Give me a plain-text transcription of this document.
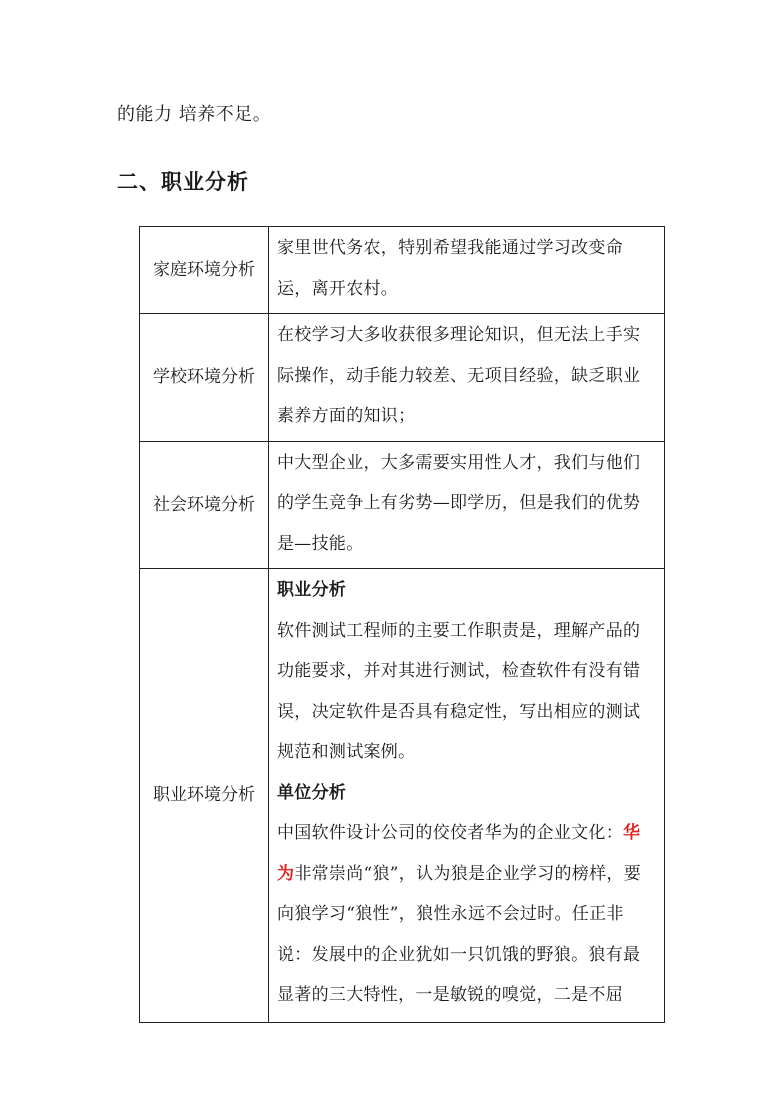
的能力 培养不足。
二、职业分析
家庭环境分析	家里世代务农，特别希望我能通过学习改变命运，离开农村。
学校环境分析	在校学习大多收获很多理论知识，但无法上手实际操作，动手能力较差、无项目经验，缺乏职业素养方面的知识；
社会环境分析	中大型企业，大多需要实用性人才，我们与他们的学生竞争上有劣势—即学历，但是我们的优势是—技能。
职业环境分析	职业分析

软件测试工程师的主要工作职责是，理解产品的功能要求，并对其进行测试，检查软件有没有错误，决定软件是否具有稳定性，写出相应的测试规范和测试案例。

单位分析

中国软件设计公司的佼佼者华为的企业文化：华为非常崇尚“狼”，认为狼是企业学习的榜样，要向狼学习“狼性”，狼性永远不会过时。任正非说：发展中的企业犹如一只饥饿的野狼。狼有最显著的三大特性，一是敏锐的嗅觉，二是不屈
